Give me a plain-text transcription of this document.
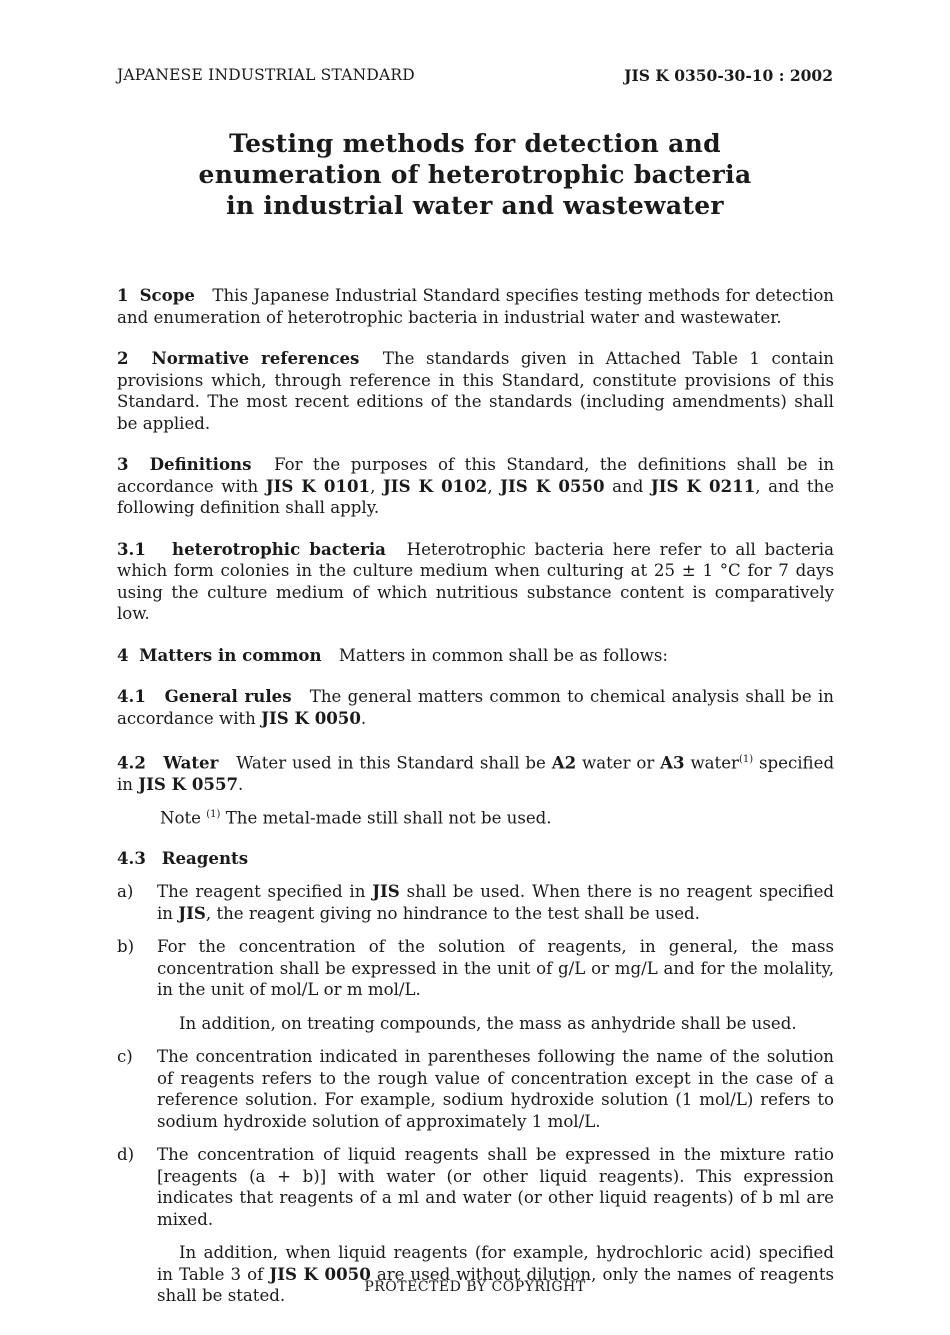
JAPANESE INDUSTRIAL STANDARD	JIS K 0350-30-10 : 2002
Testing methods for detection and
enumeration of heterotrophic bacteria
in industrial water and wastewater

1 Scope This Japanese Industrial Standard specifies testing methods for detection and enumeration of heterotrophic bacteria in industrial water and wastewater.

2 Normative references The standards given in Attached Table 1 contain provisions which, through reference in this Standard, constitute provisions of this Standard. The most recent editions of the standards (including amendments) shall be applied.

3 Definitions For the purposes of this Standard, the definitions shall be in accordance with JIS K 0101, JIS K 0102, JIS K 0550 and JIS K 0211, and the following definition shall apply.

3.1 heterotrophic bacteria Heterotrophic bacteria here refer to all bacteria which form colonies in the culture medium when culturing at 25 ± 1 °C for 7 days using the culture medium of which nutritious substance content is comparatively low.

4 Matters in common Matters in common shall be as follows:

4.1 General rules The general matters common to chemical analysis shall be in accordance with JIS K 0050.

4.2 Water Water used in this Standard shall be A2 water or A3 water$^{(1)}$ specified in JIS K 0557.

Note $^{(1)}$ The metal-made still shall not be used.

4.3 Reagents

a) The reagent specified in JIS shall be used. When there is no reagent specified in JIS, the reagent giving no hindrance to the test shall be used.
b) For the concentration of the solution of reagents, in general, the mass concentration shall be expressed in the unit of g/L or mg/L and for the molality, in the unit of mol/L or m mol/L.

In addition, on treating compounds, the mass as anhydride shall be used.

c) The concentration indicated in parentheses following the name of the solution of reagents refers to the rough value of concentration except in the case of a reference solution. For example, sodium hydroxide solution (1 mol/L) refers to sodium hydroxide solution of approximately 1 mol/L.
d) The concentration of liquid reagents shall be expressed in the mixture ratio [reagents (a + b)] with water (or other liquid reagents). This expression indicates that reagents of a ml and water (or other liquid reagents) of b ml are mixed.

In addition, when liquid reagents (for example, hydrochloric acid) specified in Table 3 of JIS K 0050 are used without dilution, only the names of reagents shall be stated.	PROTECTED BY COPYRIGHT
